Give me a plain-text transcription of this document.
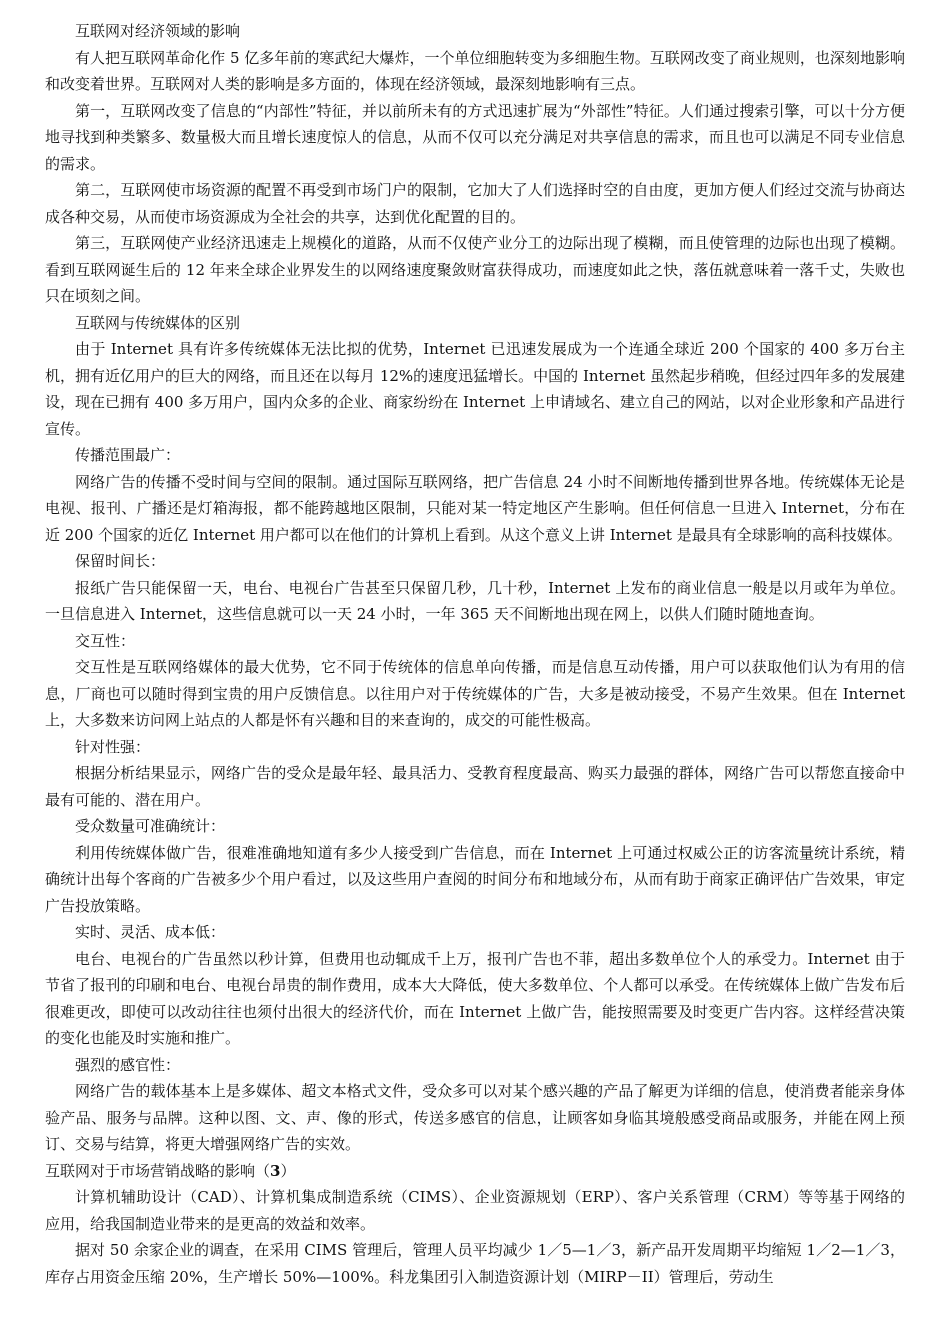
互联网对经济领域的影响

有人把互联网革命化作 5 亿多年前的寒武纪大爆炸，一个单位细胞转变为多细胞生物。互联网改变了商业规则，也深刻地影响和改变着世界。互联网对人类的影响是多方面的，体现在经济领域，最深刻地影响有三点。

第一，互联网改变了信息的“内部性”特征，并以前所未有的方式迅速扩展为“外部性”特征。人们通过搜索引擎，可以十分方便地寻找到种类繁多、数量极大而且增长速度惊人的信息，从而不仅可以充分满足对共享信息的需求，而且也可以满足不同专业信息的需求。

第二，互联网使市场资源的配置不再受到市场门户的限制，它加大了人们选择时空的自由度，更加方便人们经过交流与协商达成各种交易，从而使市场资源成为全社会的共享，达到优化配置的目的。

第三，互联网使产业经济迅速走上规模化的道路，从而不仅使产业分工的边际出现了模糊，而且使管理的边际也出现了模糊。看到互联网诞生后的 12 年来全球企业界发生的以网络速度聚敛财富获得成功，而速度如此之快，落伍就意味着一落千丈，失败也只在顷刻之间。

互联网与传统媒体的区别

由于 Internet 具有许多传统媒体无法比拟的优势，Internet 已迅速发展成为一个连通全球近 200 个国家的 400 多万台主机，拥有近亿用户的巨大的网络，而且还在以每月 12%的速度迅猛增长。中国的 Internet 虽然起步稍晚，但经过四年多的发展建设，现在已拥有 400 多万用户，国内众多的企业、商家纷纷在 Internet 上申请域名、建立自己的网站，以对企业形象和产品进行宣传。

传播范围最广：

网络广告的传播不受时间与空间的限制。通过国际互联网络，把广告信息 24 小时不间断地传播到世界各地。传统媒体无论是电视、报刊、广播还是灯箱海报，都不能跨越地区限制，只能对某一特定地区产生影响。但任何信息一旦进入 Internet，分布在近 200 个国家的近亿 Internet 用户都可以在他们的计算机上看到。从这个意义上讲 Internet 是最具有全球影响的高科技媒体。

保留时间长：

报纸广告只能保留一天，电台、电视台广告甚至只保留几秒，几十秒，Internet 上发布的商业信息一般是以月或年为单位。一旦信息进入 Internet，这些信息就可以一天 24 小时，一年 365 天不间断地出现在网上，以供人们随时随地查询。

交互性：

交互性是互联网络媒体的最大优势，它不同于传统体的信息单向传播，而是信息互动传播，用户可以获取他们认为有用的信息，厂商也可以随时得到宝贵的用户反馈信息。以往用户对于传统媒体的广告，大多是被动接受，不易产生效果。但在 Internet 上，大多数来访问网上站点的人都是怀有兴趣和目的来查询的，成交的可能性极高。

针对性强：

根据分析结果显示，网络广告的受众是最年轻、最具活力、受教育程度最高、购买力最强的群体，网络广告可以帮您直接命中最有可能的、潜在用户。

受众数量可准确统计：

利用传统媒体做广告，很难准确地知道有多少人接受到广告信息，而在 Internet 上可通过权威公正的访客流量统计系统，精确统计出每个客商的广告被多少个用户看过，以及这些用户查阅的时间分布和地域分布，从而有助于商家正确评估广告效果，审定广告投放策略。

实时、灵活、成本低：

电台、电视台的广告虽然以秒计算，但费用也动辄成千上万，报刊广告也不菲，超出多数单位个人的承受力。Internet 由于节省了报刊的印刷和电台、电视台昂贵的制作费用，成本大大降低，使大多数单位、个人都可以承受。在传统媒体上做广告发布后很难更改，即使可以改动往往也须付出很大的经济代价，而在 Internet 上做广告，能按照需要及时变更广告内容。这样经营决策的变化也能及时实施和推广。

强烈的感官性：

网络广告的载体基本上是多媒体、超文本格式文件，受众多可以对某个感兴趣的产品了解更为详细的信息，使消费者能亲身体验产品、服务与品牌。这种以图、文、声、像的形式，传送多感官的信息，让顾客如身临其境般感受商品或服务，并能在网上预订、交易与结算，将更大增强网络广告的实效。

互联网对于市场营销战略的影响（3）

计算机辅助设计（CAD）、计算机集成制造系统（CIMS）、企业资源规划（ERP）、客户关系管理（CRM）等等基于网络的应用，给我国制造业带来的是更高的效益和效率。

据对 50 余家企业的调查，在采用 CIMS 管理后，管理人员平均减少 1／5—1／3，新产品开发周期平均缩短 1／2—1／3，库存占用资金压缩 20%，生产增长 50%—100%。科龙集团引入制造资源计划（MIRP－II）管理后，劳动生
